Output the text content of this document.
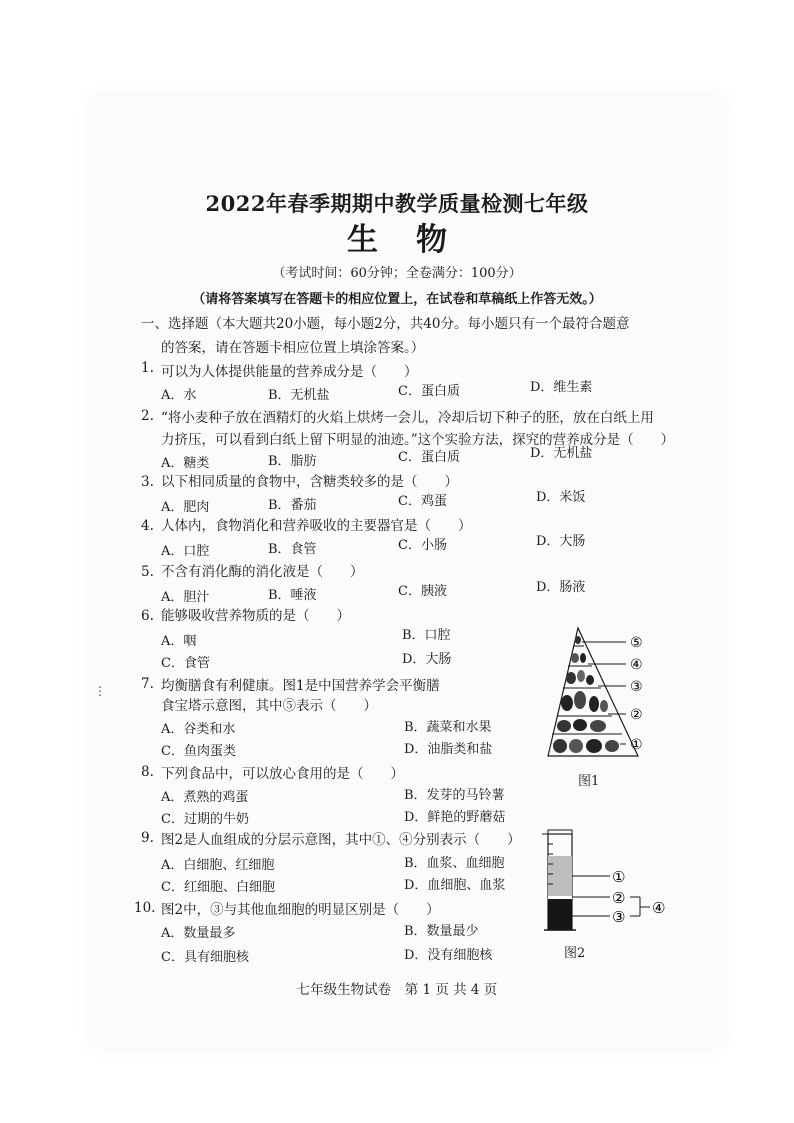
2022年春季期期中教学质量检测七年级
生物
（考试时间：60分钟；全卷满分：100分）
（请将答案填写在答题卡的相应位置上，在试卷和草稿纸上作答无效。）
一、选择题（本大题共20小题，每小题2分，共40分。每小题只有一个最符合题意
的答案，请在答题卡相应位置上填涂答案。）
1. 可以为人体提供能量的营养成分是（　　）
A．水	B．无机盐	C．蛋白质	D．维生素
2. “将小麦种子放在酒精灯的火焰上烘烤一会儿，冷却后切下种子的胚，放在白纸上用
力挤压，可以看到白纸上留下明显的油迹。”这个实验方法，探究的营养成分是（　　）
A．糖类	B．脂肪	C．蛋白质	D．无机盐
3. 以下相同质量的食物中，含糖类较多的是（　　）
A．肥肉	B．番茄	C．鸡蛋	D．米饭
4. 人体内，食物消化和营养吸收的主要器官是（　　）
A．口腔	B．食管	C．小肠	D．大肠
5. 不含有消化酶的消化液是（　　）
A．胆汁	B．唾液	C．胰液	D．肠液
6. 能够吸收营养物质的是（　　）
A．咽	B．口腔
C．食管	D．大肠
7. 均衡膳食有利健康。图1是中国营养学会平衡膳
食宝塔示意图，其中⑤表示（　　）
A．谷类和水	B．蔬菜和水果
C．鱼肉蛋类	D．油脂类和盐
8. 下列食品中，可以放心食用的是（　　）
A．煮熟的鸡蛋	B．发芽的马铃薯
C．过期的牛奶	D．鲜艳的野蘑菇
9. 图2是人血组成的分层示意图，其中①、④分别表示（　　）
A．白细胞、红细胞	B．血浆、血细胞
C．红细胞、白细胞	D．血细胞、血浆
10. 图2中，③与其他血细胞的明显区别是（　　）
A．数量最多	B．数量最少
C．具有细胞核	D．没有细胞核
⋮
⑤
④
③
②
①
图1
①
②
③ ④
图2
七年级生物试卷　第 1 页 共 4 页
